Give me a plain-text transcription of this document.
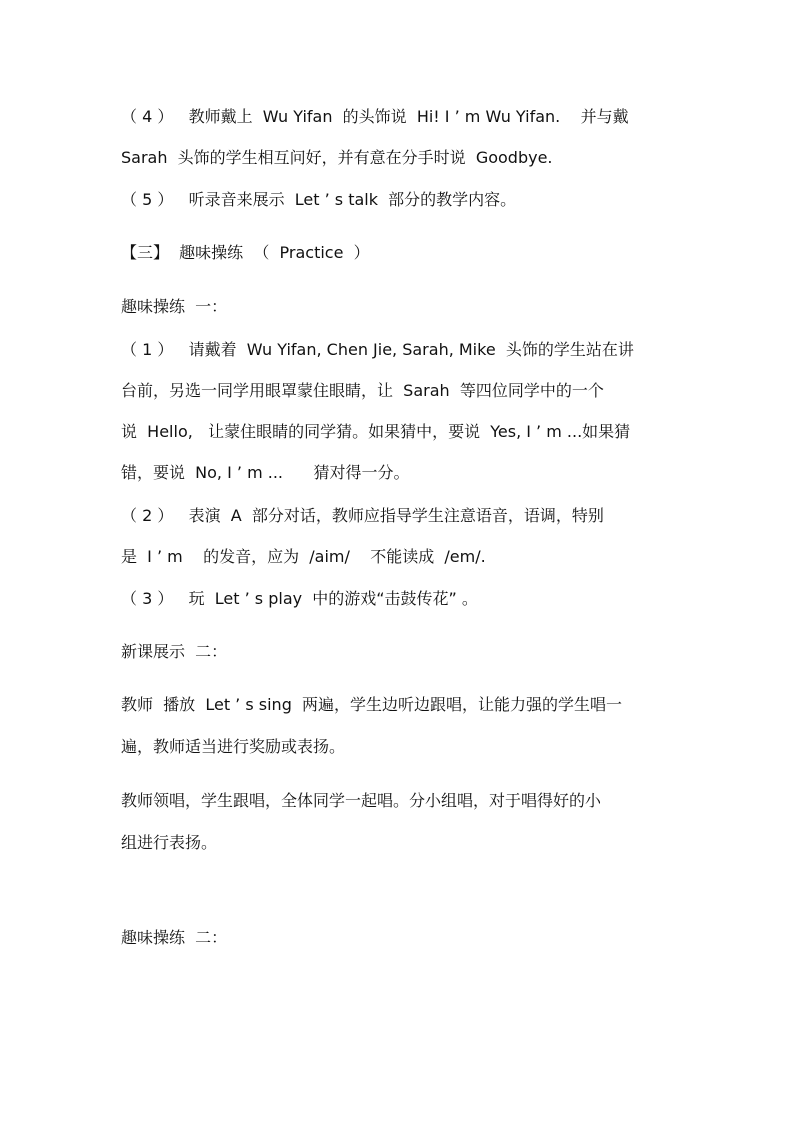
（ 4 ）   教师戴上  Wu Yifan  的头饰说  Hi! I ’ m Wu Yifan.    并与戴
Sarah  头饰的学生相互问好，并有意在分手时说  Goodbye.
（ 5 ）   听录音来展示  Let ’ s talk  部分的教学内容。
【三】  趣味操练  （  Practice  ）
趣味操练  一：
（ 1 ）   请戴着  Wu Yifan, Chen Jie, Sarah, Mike  头饰的学生站在讲
台前，另选一同学用眼罩蒙住眼睛，让  Sarah  等四位同学中的一个
说  Hello,   让蒙住眼睛的同学猜。如果猜中，要说  Yes, I ’ m ...如果猜
错，要说  No, I ’ m ...      猜对得一分。
（ 2 ）   表演  A  部分对话，教师应指导学生注意语音，语调，特别
是  I ’ m    的发音，应为  /aim/    不能读成  /em/.
（ 3 ）   玩  Let ’ s play  中的游戏“击鼓传花” 。
新课展示  二：
教师  播放  Let ’ s sing  两遍，学生边听边跟唱，让能力强的学生唱一
遍，教师适当进行奖励或表扬。
教师领唱，学生跟唱，全体同学一起唱。分小组唱，对于唱得好的小
组进行表扬。
趣味操练  二：
